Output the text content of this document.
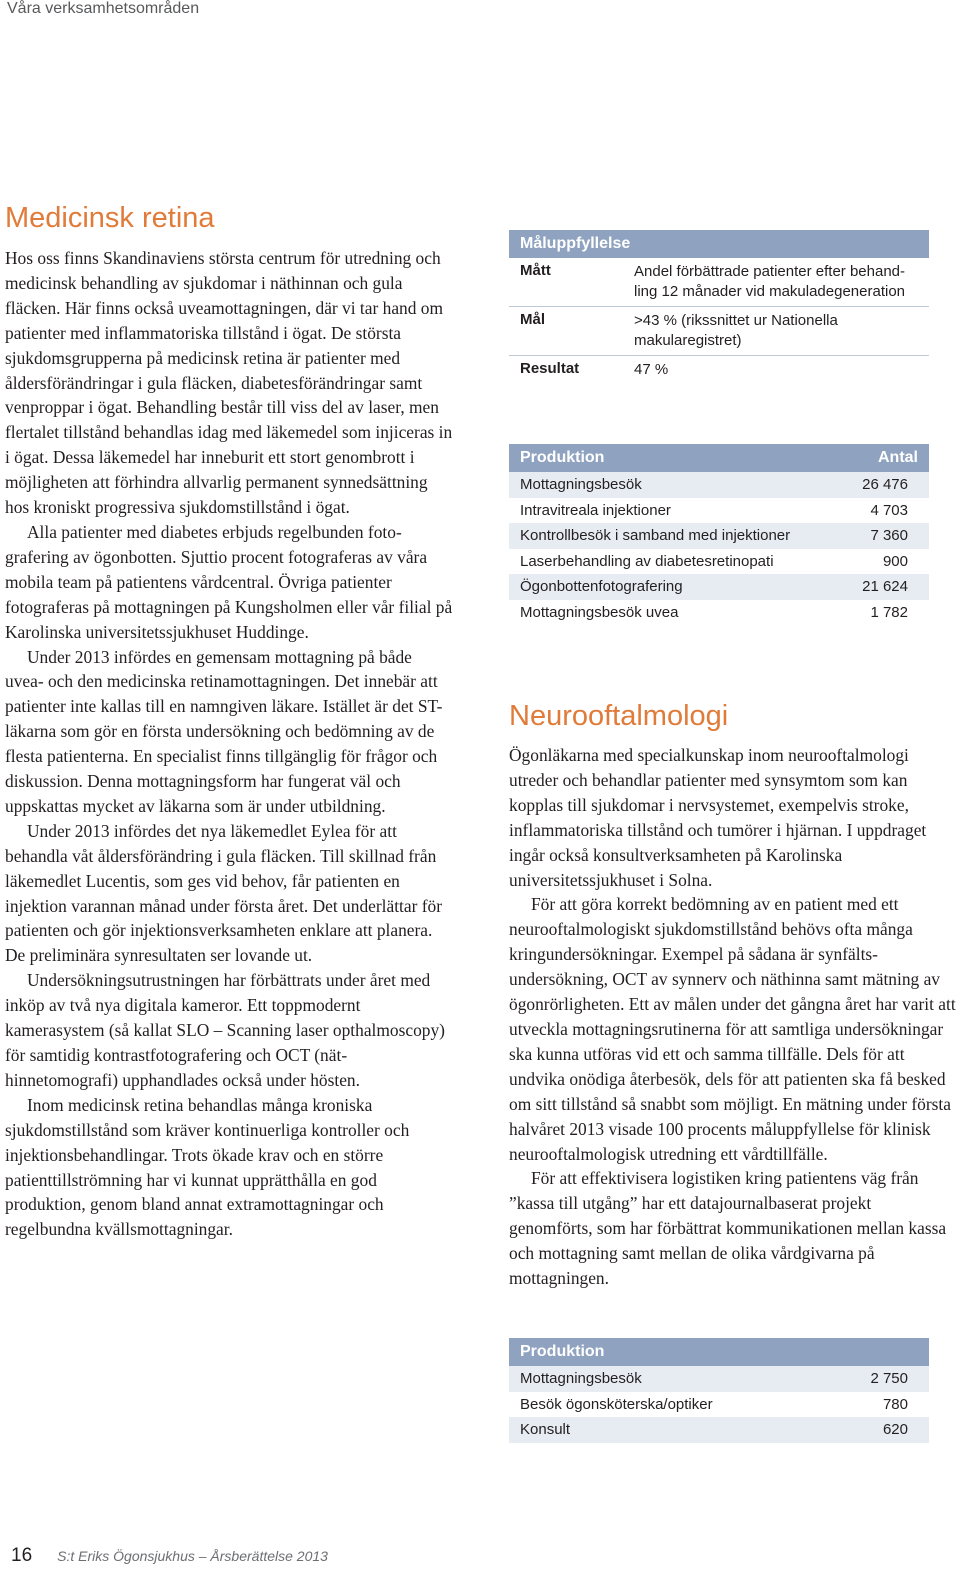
Våra verksamhetsområden
Medicinsk retina

Hos oss finns Skandinaviens största centrum för utredning och medicinsk behandling av sjukdomar i näthinnan och gula fläcken. Här finns också uveamottagningen, där vi tar hand om patienter med inflammatoriska tillstånd i ögat. De största sjukdomsgrupperna på medicinsk retina är patienter med åldersförändringar i gula fläcken, diabetesförändringar samt venproppar i ögat. Behandling består till viss del av laser, men flertalet tillstånd behandlas idag med läkemedel som injiceras in i ögat. Dessa läkemedel har inneburit ett stort genombrott i möjligheten att förhindra allvarlig permanent synnedsättning hos kroniskt progressiva sjukdomstillstånd i ögat.

Alla patienter med diabetes erbjuds regelbunden fotografering av ögonbotten. Sjuttio procent fotograferas av våra mobila team på patientens vårdcentral. Övriga patienter fotograferas på mottagningen på Kungsholmen eller vår filial på Karolinska universitetssjukhuset Huddinge.

Under 2013 infördes en gemensam mottagning på både uvea- och den medicinska retinamottagningen. Det innebär att patienter inte kallas till en namngiven läkare. Istället är det ST-läkarna som gör en första undersökning och bedömning av de flesta patienterna. En specialist finns tillgänglig för frågor och diskussion. Denna mottagningsform har fungerat väl och uppskattas mycket av läkarna som är under utbildning.

Under 2013 infördes det nya läkemedlet Eylea för att behandla våt åldersförändring i gula fläcken. Till skillnad från läkemedlet Lucentis, som ges vid behov, får patienten en injektion varannan månad under första året. Det underlättar för patienten och gör injektionsverksamheten enklare att planera. De preliminära synresultaten ser lovande ut.

Undersökningsutrustningen har förbättrats under året med inköp av två nya digitala kameror. Ett toppmodernt kamerasystem (så kallat SLO – Scanning laser opthalmoscopy) för samtidig kontrastfotografering och OCT (näthinnetomografi) upphandlades också under hösten.

Inom medicinsk retina behandlas många kroniska sjukdomstillstånd som kräver kontinuerliga kontroller och injektionsbehandlingar. Trots ökade krav och en större patienttillströmning har vi kunnat upprätthålla en god produktion, genom bland annat extramottagningar och regelbundna kvällsmottagningar.

Måluppfyllelse
Mått	Andel förbättrade patienter efter behandling 12 månader vid makuladegeneration
Mål	>43 % (rikssnittet ur Nationella makularegistret)
Resultat	47 %
Produktion	Antal
Mottagningsbesök	26 476
Intravitreala injektioner	4 703
Kontrollbesök i samband med injektioner	7 360
Laserbehandling av diabetesretinopati	900
Ögonbottenfotografering	21 624
Mottagningsbesök uvea	1 782
Neurooftalmologi

Ögonläkarna med specialkunskap inom neurooftalmologi utreder och behandlar patienter med synsymtom som kan kopplas till sjukdomar i nervsystemet, exempelvis stroke, inflammatoriska tillstånd och tumörer i hjärnan. I uppdraget ingår också konsultverksamheten på Karolinska universitetssjukhuset i Solna.

För att göra korrekt bedömning av en patient med ett neurooftalmologiskt sjukdomstillstånd behövs ofta många kringundersökningar. Exempel på sådana är synfältsundersökning, OCT av synnerv och näthinna samt mätning av ögonrörligheten. Ett av målen under det gångna året har varit att utveckla mottagningsrutinerna för att samtliga undersökningar ska kunna utföras vid ett och samma tillfälle. Dels för att undvika onödiga återbesök, dels för att patienten ska få besked om sitt tillstånd så snabbt som möjligt. En mätning under första halvåret 2013 visade 100 procents måluppfyllelse för klinisk neurooftalmologisk utredning ett vårdtillfälle.

För att effektivisera logistiken kring patientens väg från ”kassa till utgång” har ett datajournalbaserat projekt genomförts, som har förbättrat kommunikationen mellan kassa och mottagning samt mellan de olika vårdgivarna på mottagningen.

Produktion
Mottagningsbesök	2 750
Besök ögonsköterska/optiker	780
Konsult	620
16 S:t Eriks Ögonsjukhus – Årsberättelse 2013
